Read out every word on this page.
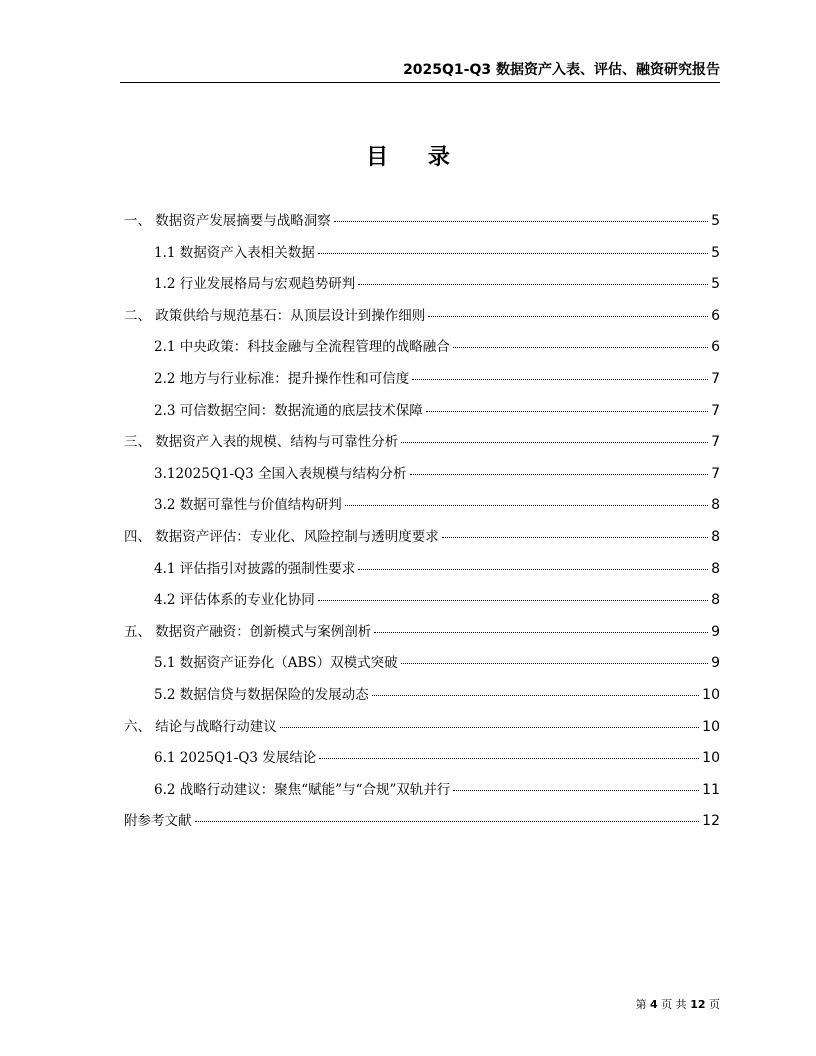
2025Q1-Q3 数据资产入表、评估、融资研究报告
目 录
一、 数据资产发展摘要与战略洞察	5
1.1 数据资产入表相关数据	5
1.2 行业发展格局与宏观趋势研判	5
二、 政策供给与规范基石：从顶层设计到操作细则	6
2.1 中央政策：科技金融与全流程管理的战略融合	6
2.2 地方与行业标准：提升操作性和可信度	7
2.3 可信数据空间：数据流通的底层技术保障	7
三、 数据资产入表的规模、结构与可靠性分析	7
3.12025Q1-Q3 全国入表规模与结构分析	7
3.2 数据可靠性与价值结构研判	8
四、 数据资产评估：专业化、风险控制与透明度要求	8
4.1 评估指引对披露的强制性要求	8
4.2 评估体系的专业化协同	8
五、 数据资产融资：创新模式与案例剖析	9
5.1 数据资产证券化（ABS）双模式突破	9
5.2 数据信贷与数据保险的发展动态	10
六、 结论与战略行动建议	10
6.1 2025Q1-Q3 发展结论	10
6.2 战略行动建议：聚焦“赋能”与“合规”双轨并行	11
附参考文献	12
第 4 页 共 12 页
